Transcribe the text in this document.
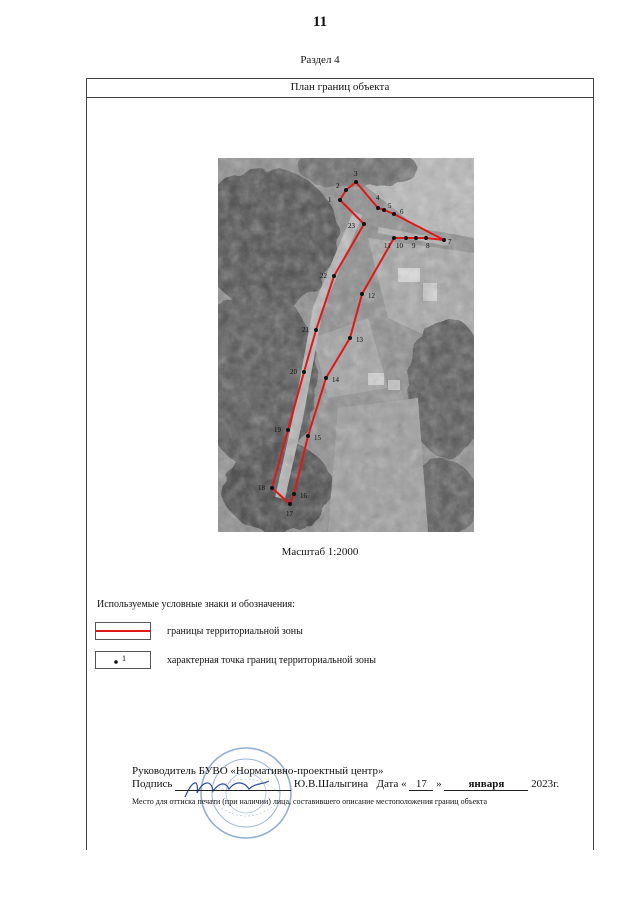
11
Раздел 4
План границ объекта
1
2
3
4
5
6
7
8
9
10
11
12
13
14
15
16
17
18
19
20
21
22
23
Масштаб 1:2000
Используемые условные знаки и обозначения:
границы территориальной зоны
1	характерная точка границ территориальной зоны
Руководитель БУВО «Нормативно-проектный центр»
Подпись	Ю.В.Шалыгина Дата « 17 » января 2023г.
Место для оттиска печати (при наличии) лица, составившего описание местоположения границ объекта
